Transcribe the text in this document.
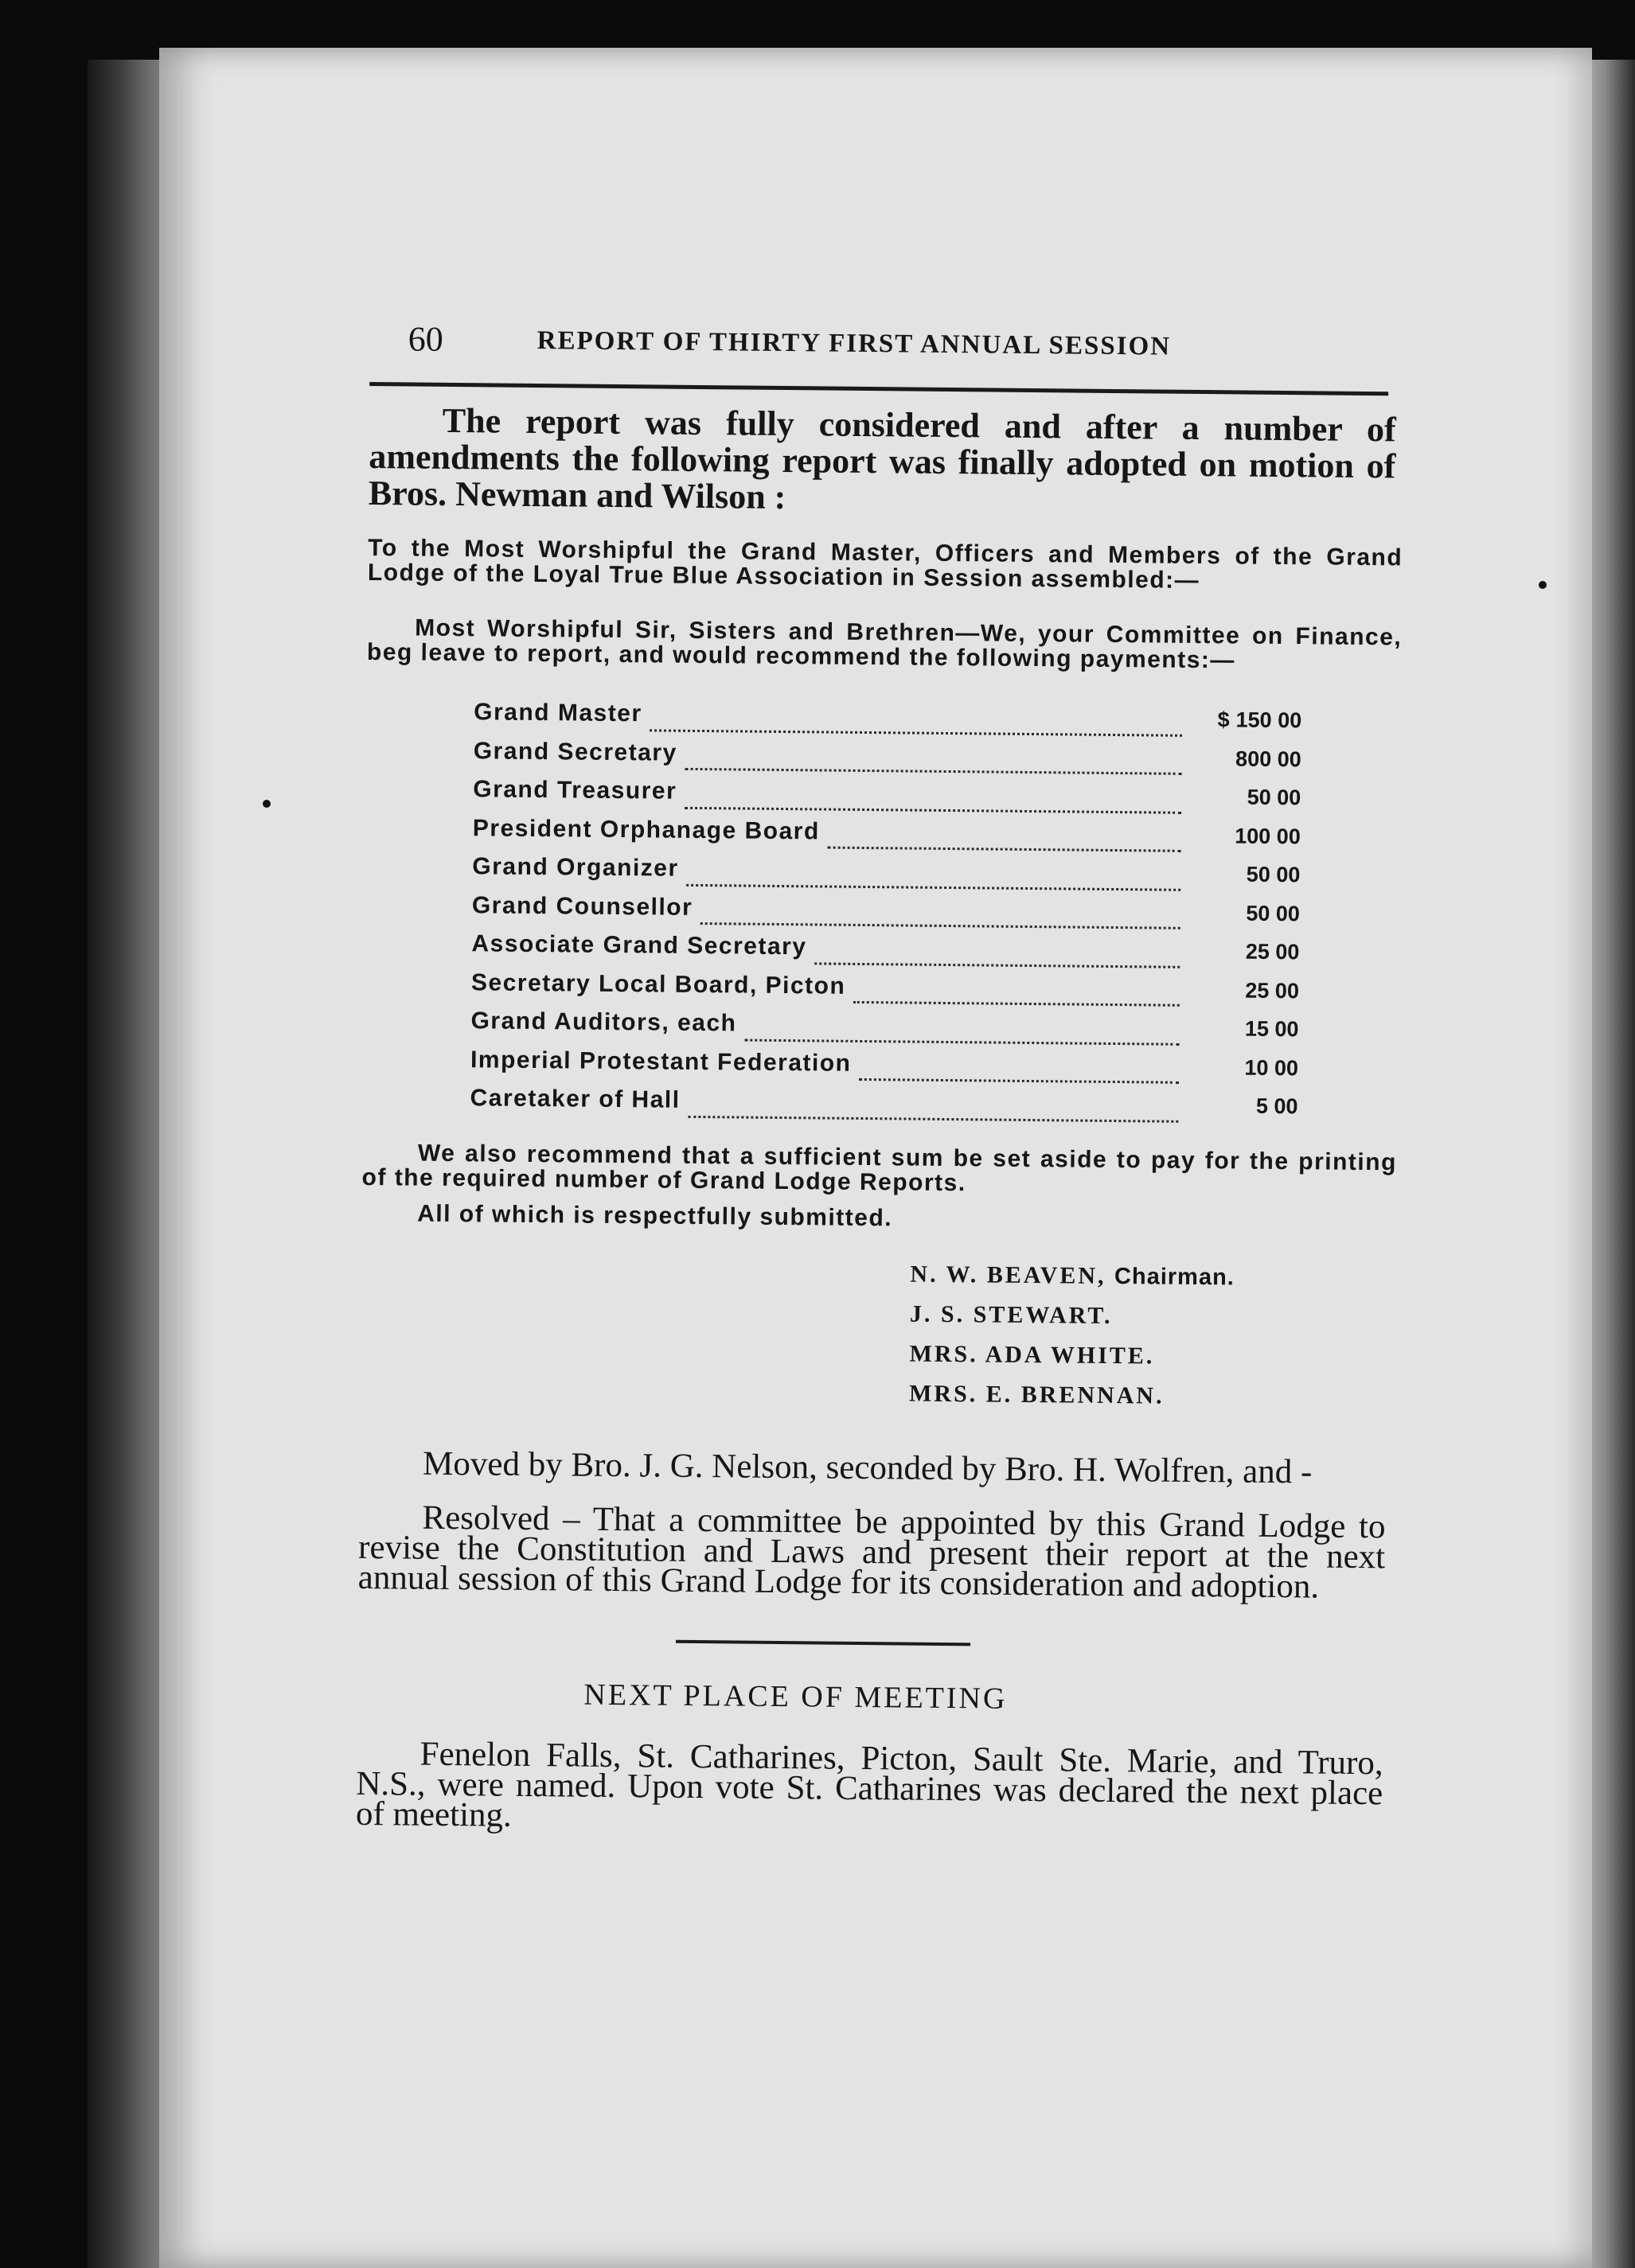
60	REPORT OF THIRTY FIRST ANNUAL SESSION

The report was fully considered and after a number of amendments the following report was finally adopted on motion of Bros. Newman and Wilson :

To the Most Worshipful the Grand Master, Officers and Members of the Grand Lodge of the Loyal True Blue Association in Session assembled:—

Most Worshipful Sir, Sisters and Brethren—We, your Committee on Finance, beg leave to report, and would recommend the following payments:—

Grand Master	$ 150 00
Grand Secretary	800 00
Grand Treasurer	50 00
President Orphanage Board	100 00
Grand Organizer	50 00
Grand Counsellor	50 00
Associate Grand Secretary	25 00
Secretary Local Board, Picton	25 00
Grand Auditors, each	15 00
Imperial Protestant Federation	10 00
Caretaker of Hall	5 00

We also recommend that a sufficient sum be set aside to pay for the printing of the required number of Grand Lodge Reports.

All of which is respectfully submitted.

N. W. BEAVEN, Chairman.
J. S. STEWART.
MRS. ADA WHITE.
MRS. E. BRENNAN.

Moved by Bro. J. G. Nelson, seconded by Bro. H. Wolfren, and -

Resolved – That a committee be appointed by this Grand Lodge to revise the Constitution and Laws and present their report at the next annual session of this Grand Lodge for its consideration and adoption.

NEXT PLACE OF MEETING

Fenelon Falls, St. Catharines, Picton, Sault Ste. Marie, and Truro, N.S., were named. Upon vote St. Catharines was declared the next place of meeting.
